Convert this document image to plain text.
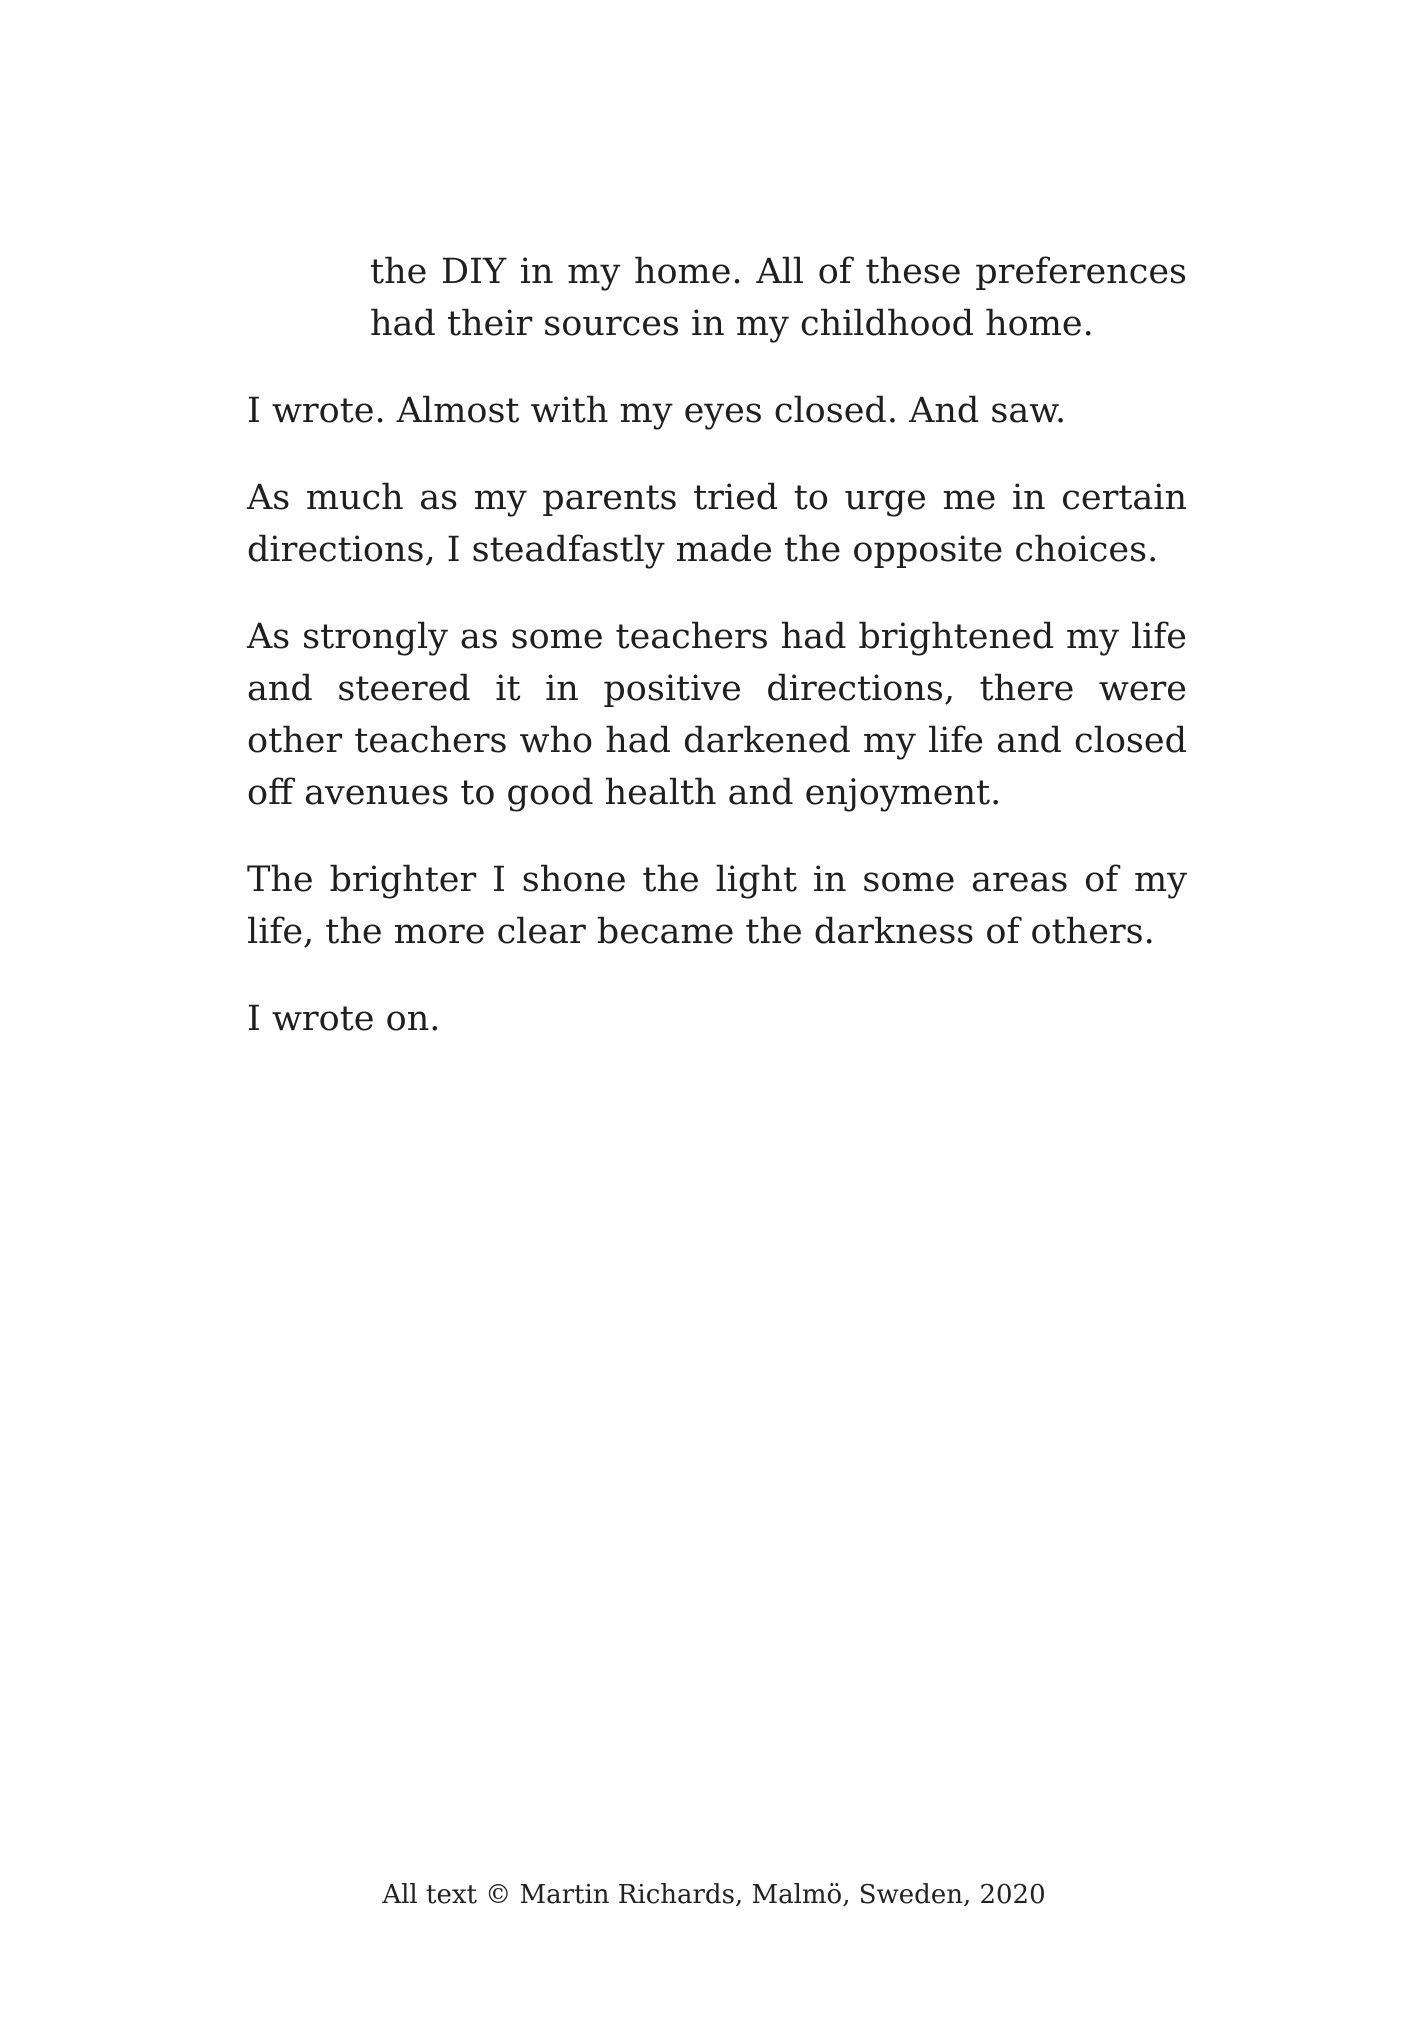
the DIY in my home. All of these preferences had their sources in my childhood home.

I wrote. Almost with my eyes closed. And saw.

As much as my parents tried to urge me in certain directions, I steadfastly made the opposite choices.

As strongly as some teachers had brightened my life and steered it in positive directions, there were other teachers who had darkened my life and closed off avenues to good health and enjoyment.

The brighter I shone the light in some areas of my life, the more clear became the darkness of others.

I wrote on.

All text © Martin Richards, Malmö, Sweden, 2020
